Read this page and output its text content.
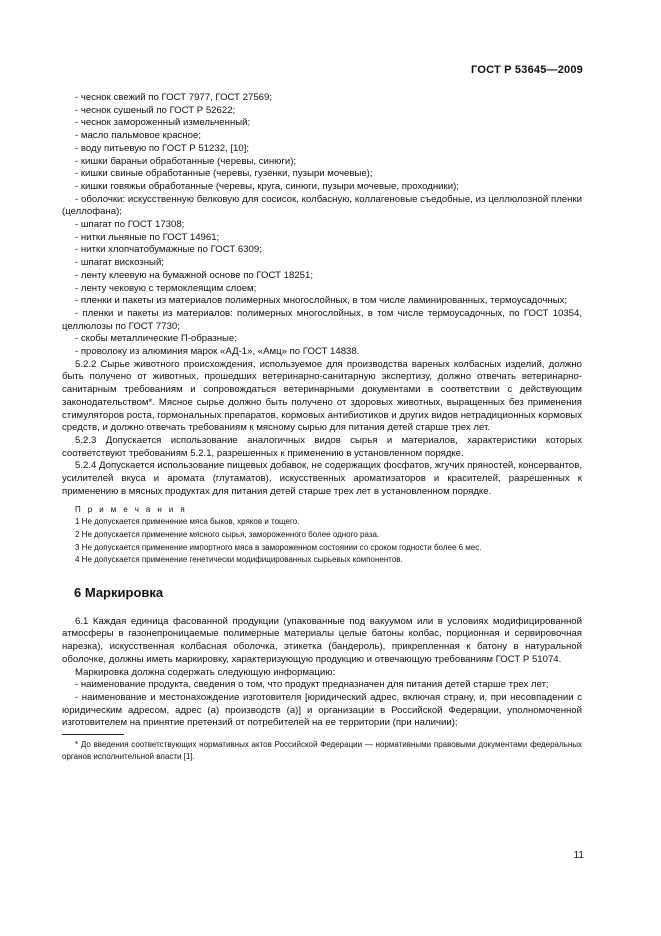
ГОСТ Р 53645—2009

- чеснок свежий по ГОСТ 7977, ГОСТ 27569;

- чеснок сушеный по ГОСТ Р 52622;

- чеснок замороженный измельченный;

- масло пальмовое красное;

- воду питьевую по ГОСТ Р 51232, [10];

- кишки бараньи обработанные (черевы, синюги);

- кишки свиные обработанные (черевы, гузенки, пузыри мочевые);

- кишки говяжьи обработанные (черевы, круга, синюги, пузыри мочевые, проходники);

- оболочки: искусственную белковую для сосисок, колбасную, коллагеновые съедобные, из целлюлозной пленки (целлофана);

- шпагат по ГОСТ 17308;

- нитки льняные по ГОСТ 14961;

- нитки хлопчатобумажные по ГОСТ 6309;

- шпагат вискозный;

- ленту клеевую на бумажной основе по ГОСТ 18251;

- ленту чековую с термоклеящим слоем;

- пленки и пакеты из материалов полимерных многослойных, в том числе ламинированных, термоусадочных;

- пленки и пакеты из материалов: полимерных многослойных, в том числе термоусадочных, по ГОСТ 10354, целлюлозы по ГОСТ 7730;

- скобы металлические П-образные;

- проволоку из алюминия марок «АД-1», «Амц» по ГОСТ 14838.

5.2.2 Сырье животного происхождения, используемое для производства вареных колбасных изделий, должно быть получено от животных, прошедших ветеринарно-санитарную экспертизу, должно отвечать ветеринарно-санитарным требованиям и сопровождаться ветеринарными документами в соответствии с действующим законодательством*. Мясное сырье должно быть получено от здоровых животных, выращенных без применения стимуляторов роста, гормональных препаратов, кормовых антибиотиков и других видов нетрадиционных кормовых средств, и должно отвечать требованиям к мясному сырью для питания детей старше трех лет.

5.2.3 Допускается использование аналогичных видов сырья и материалов, характеристики которых соответствуют требованиям 5.2.1, разрешенных к применению в установленном порядке.

5.2.4 Допускается использование пищевых добавок, не содержащих фосфатов, жгучих пряностей, консервантов, усилителей вкуса и аромата (глутаматов), искусственных ароматизаторов и красителей, разрешенных к применению в мясных продуктах для питания детей старше трех лет в установленном порядке.

П р и м е ч а н и я

1 Не допускается применение мяса быков, хряков и тощего.

2 Не допускается применение мясного сырья, замороженного более одного раза.

3 Не допускается применение импортного мяса в замороженном состоянии со сроком годности более 6 мес.

4 Не допускается применение генетически модифицированных сырьевых компонентов.

6 Маркировка

6.1 Каждая единица фасованной продукции (упакованные под вакуумом или в условиях модифицированной атмосферы в газонепроницаемые полимерные материалы целые батоны колбас, порционная и сервировочная нарезка), искусственная колбасная оболочка, этикетка (бандероль), прикрепленная к батону в натуральной оболочке, должны иметь маркировку, характеризующую продукцию и отвечающую требованиям ГОСТ Р 51074.

Маркировка должна содержать следующую информацию:

- наименование продукта, сведения о том, что продукт предназначен для питания детей старше трех лет;

- наименование и местонахождение изготовителя [юридический адрес, включая страну, и, при несовпадении с юридическим адресом, адрес (а) производств (а)] и организации в Российской Федерации, уполномоченной изготовителем на принятие претензий от потребителей на ее территории (при наличии);

* До введения соответствующих нормативных актов Российской Федерации — нормативными правовыми документами федеральных органов исполнительной власти [1].

11
